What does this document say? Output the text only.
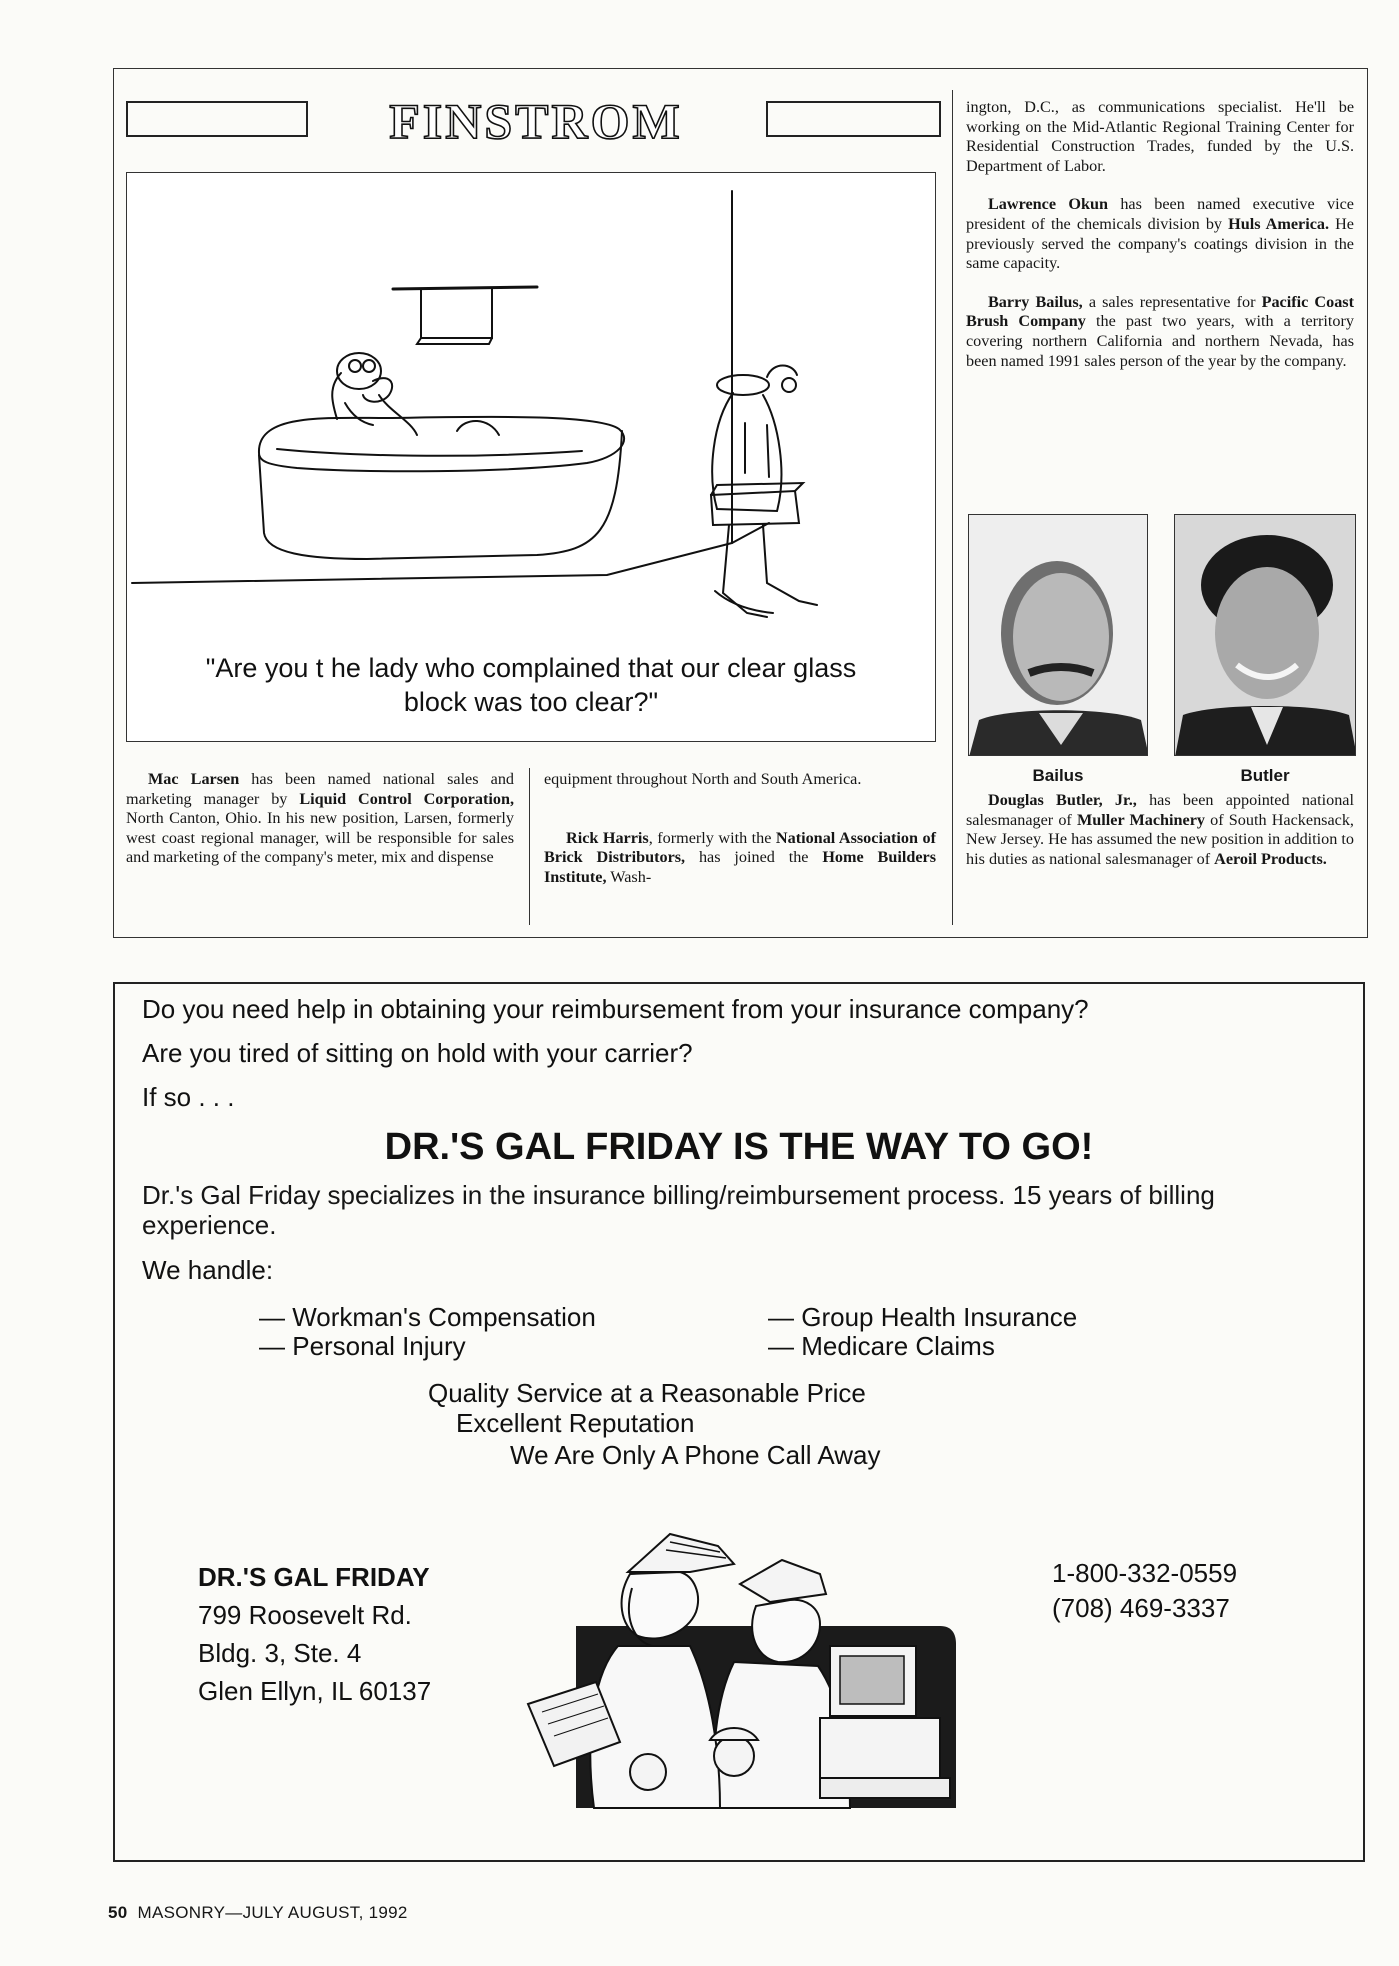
FINSTROM
"Are you t he lady who complained that our clear glass
block was too clear?"

Mac Larsen has been named national sales and marketing manager by Liquid Control Corporation, North Canton, Ohio. In his new position, Larsen, formerly west coast regional manager, will be responsible for sales and marketing of the company's meter, mix and dispense

equipment throughout North and South America.

Rick Harris, formerly with the National Association of Brick Distributors, has joined the Home Builders Institute, Wash-

ington, D.C., as communications specialist. He'll be working on the Mid-Atlantic Regional Training Center for Residential Construction Trades, funded by the U.S. Department of Labor.

Lawrence Okun has been named executive vice president of the chemicals division by Huls America. He previously served the company's coatings division in the same capacity.

Barry Bailus, a sales representative for Pacific Coast Brush Company the past two years, with a territory covering northern California and northern Nevada, has been named 1991 sales person of the year by the company.

Bailus	Butler

Douglas Butler, Jr., has been appointed national salesmanager of Muller Machinery of South Hackensack, New Jersey. He has assumed the new position in addition to his duties as national salesmanager of Aeroil Products.

Do you need help in obtaining your reimbursement from your insurance company?
Are you tired of sitting on hold with your carrier?
If so . . .
DR.'S GAL FRIDAY IS THE WAY TO GO!
Dr.'s Gal Friday specializes in the insurance billing/reimbursement process. 15 years of billing experience.
We handle:
— Workman's Compensation
— Personal Injury
— Group Health Insurance
— Medicare Claims
Quality Service at a Reasonable Price
Excellent Reputation
We Are Only A Phone Call Away
DR.'S GAL FRIDAY
799 Roosevelt Rd.
Bldg. 3, Ste. 4
Glen Ellyn, IL 60137
1-800-332-0559
(708) 469-3337
50 MASONRY—JULY AUGUST, 1992
